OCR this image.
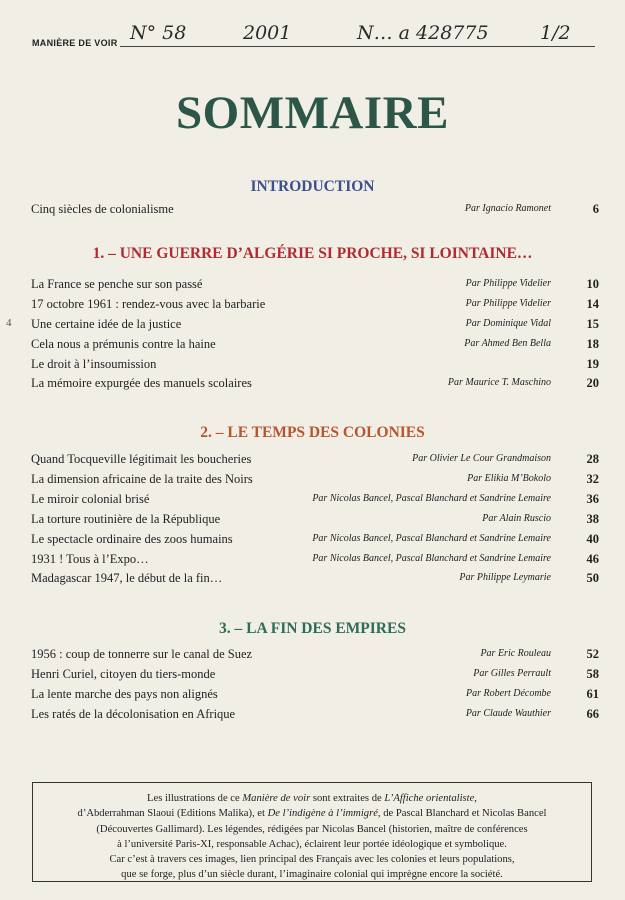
MANIÈRE DE VOIR N° 58	2001	N… a 428775	1/2
SOMMAIRE
4
INTRODUCTION
Cinq siècles de colonialisme	Par Ignacio Ramonet	6
1. – UNE GUERRE D’ALGÉRIE SI PROCHE, SI LOINTAINE…
La France se penche sur son passé	Par Philippe Videlier	10
17 octobre 1961 : rendez-vous avec la barbarie	Par Philippe Videlier	14
Une certaine idée de la justice	Par Dominique Vidal	15
Cela nous a prémunis contre la haine	Par Ahmed Ben Bella	18
Le droit à l’insoumission	19
La mémoire expurgée des manuels scolaires	Par Maurice T. Maschino	20
2. – LE TEMPS DES COLONIES
Quand Tocqueville légitimait les boucheries	Par Olivier Le Cour Grandmaison	28
La dimension africaine de la traite des Noirs	Par Elikia M’Bokolo	32
Le miroir colonial brisé	Par Nicolas Bancel, Pascal Blanchard et Sandrine Lemaire	36
La torture routinière de la République	Par Alain Ruscio	38
Le spectacle ordinaire des zoos humains	Par Nicolas Bancel, Pascal Blanchard et Sandrine Lemaire	40
1931 ! Tous à l’Expo…	Par Nicolas Bancel, Pascal Blanchard et Sandrine Lemaire	46
Madagascar 1947, le début de la fin…	Par Philippe Leymarie	50
3. – LA FIN DES EMPIRES
1956 : coup de tonnerre sur le canal de Suez	Par Eric Rouleau	52
Henri Curiel, citoyen du tiers-monde	Par Gilles Perrault	58
La lente marche des pays non alignés	Par Robert Décombe	61
Les ratés de la décolonisation en Afrique	Par Claude Wauthier	66
Les illustrations de ce Manière de voir sont extraites de L’Affiche orientaliste,
d’Abderrahman Slaoui (Editions Malika), et De l’indigène à l’immigré, de Pascal Blanchard et Nicolas Bancel
(Découvertes Gallimard). Les légendes, rédigées par Nicolas Bancel (historien, maître de conférences
à l’université Paris-XI, responsable Achac), éclairent leur portée idéologique et symbolique.
Car c’est à travers ces images, lien principal des Français avec les colonies et leurs populations,
que se forge, plus d’un siècle durant, l’imaginaire colonial qui imprègne encore la société.
